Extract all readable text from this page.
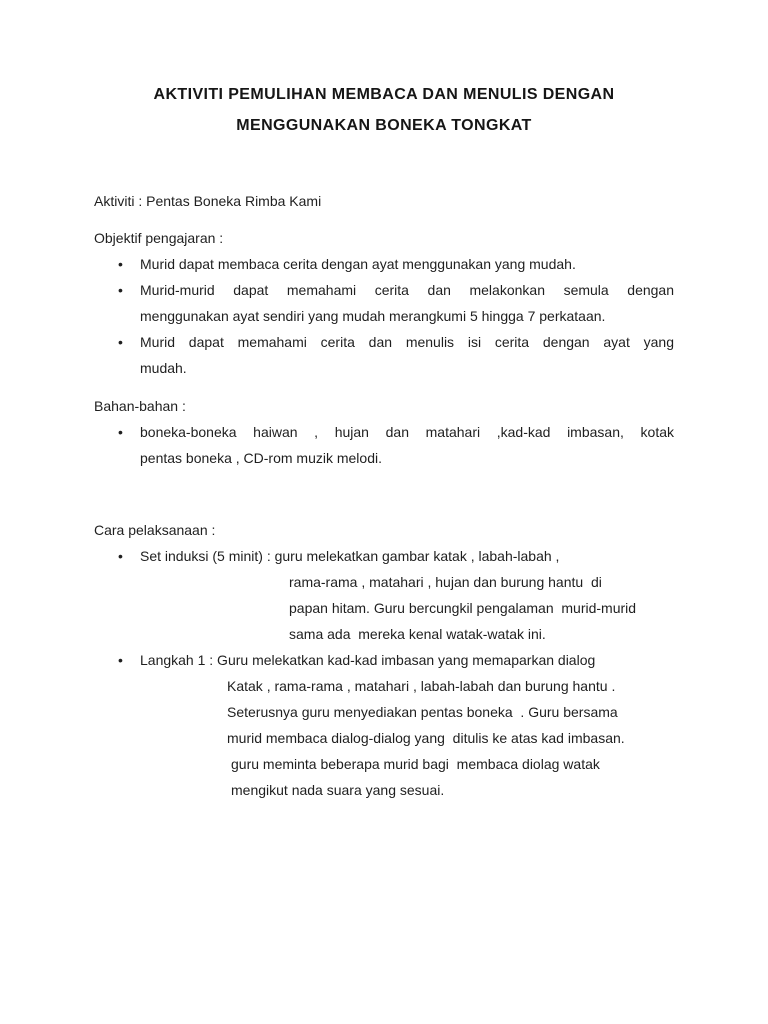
AKTIVITI PEMULIHAN MEMBACA DAN MENULIS DENGAN
MENGGUNAKAN BONEKA TONGKAT

Aktiviti : Pentas Boneka Rimba Kami

Objektif pengajaran :

•	Murid dapat membaca cerita dengan ayat menggunakan yang mudah.
•	Murid-murid dapat memahami cerita dan melakonkan semula dengan
menggunakan ayat sendiri yang mudah merangkumi 5 hingga 7 perkataan.
•	Murid dapat memahami cerita dan menulis isi cerita dengan ayat yang
mudah.

Bahan-bahan :

•	boneka-boneka haiwan , hujan dan matahari ,kad-kad imbasan, kotak
pentas boneka , CD-rom muzik melodi.

Cara pelaksanaan :

•	Set induksi (5 minit) : guru melekatkan gambar katak , labah-labah ,
rama-rama , matahari , hujan dan burung hantu  di
papan hitam. Guru bercungkil pengalaman  murid-murid
sama ada  mereka kenal watak-watak ini.
•	Langkah 1 : Guru melekatkan kad-kad imbasan yang memaparkan dialog
Katak , rama-rama , matahari , labah-labah dan burung hantu .
Seterusnya guru menyediakan pentas boneka  . Guru bersama
murid membaca dialog-dialog yang  ditulis ke atas kad imbasan.
guru meminta beberapa murid bagi  membaca diolag watak
mengikut nada suara yang sesuai.
